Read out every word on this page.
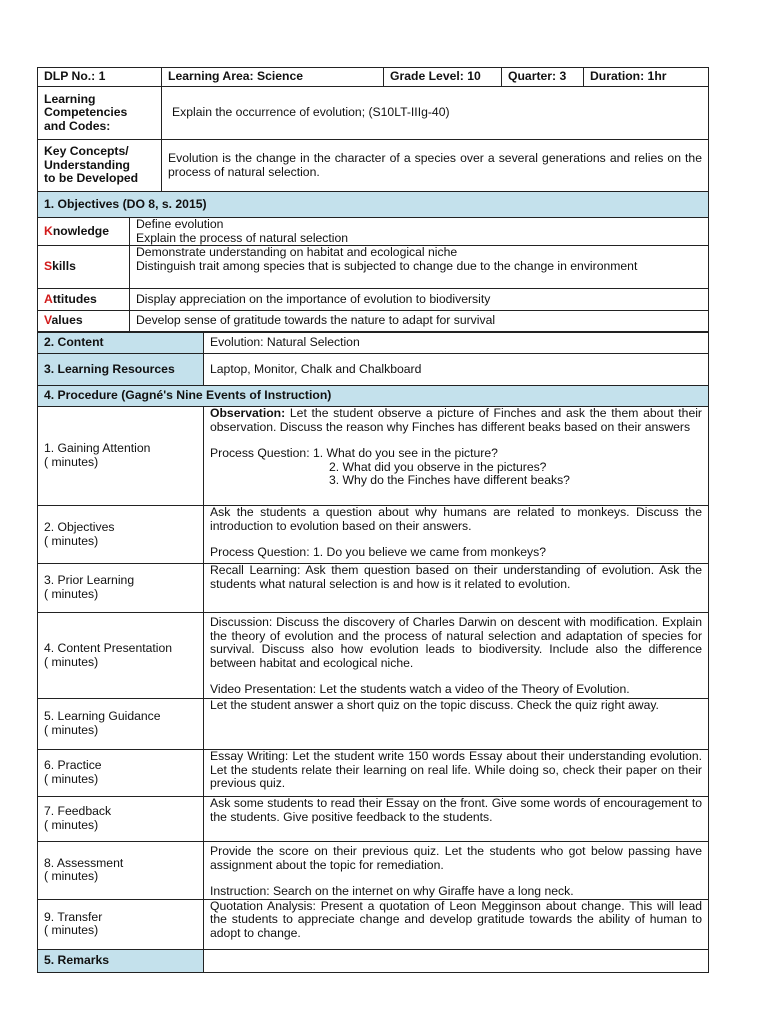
DLP No.: 1	Learning Area: Science	Grade Level: 10	Quarter: 3	Duration: 1hr
Learning
Competencies
and Codes:	Explain the occurrence of evolution; (S10LT-IIIg-40)

Key Concepts/
Understanding
to be Developed	Evolution is the change in the character of a species over a several generations and relies on the process of natural selection.
1. Objectives (DO 8, s. 2015)	
Knowledge	Define evolution
Explain the process of natural selection

Skills	Demonstrate understanding on habitat and ecological niche
Distinguish trait among species that is subjected to change due to the change in environment

Attitudes	Display appreciation on the importance of evolution to biodiversity
Values	Develop sense of gratitude towards the nature to adapt for survival
2. Content	Evolution: Natural Selection
3. Learning Resources	Laptop, Monitor, Chalk and Chalkboard
4. Procedure (Gagné's Nine Events of Instruction)	

1. Gaining Attention
( minutes)	Observation: Let the student observe a picture of Finches and ask the them about their observation. Discuss the reason why Finches has different beaks based on their answers
Process Question: 1. What do you see in the picture?
2. What did you observe in the pictures?
3. Why do the Finches have different beaks?

2. Objectives
( minutes)	Ask the students a question about why humans are related to monkeys. Discuss the introduction to evolution based on their answers.
Process Question: 1. Do you believe we came from monkeys?

3. Prior Learning
( minutes)	Recall Learning: Ask them question based on their understanding of evolution. Ask the students what natural selection is and how is it related to evolution.

4. Content Presentation
( minutes)	Discussion: Discuss the discovery of Charles Darwin on descent with modification. Explain the theory of evolution and the process of natural selection and adaptation of species for survival. Discuss also how evolution leads to biodiversity. Include also the difference between habitat and ecological niche.
Video Presentation: Let the students watch a video of the Theory of Evolution.

5. Learning Guidance
( minutes)	Let the student answer a short quiz on the topic discuss. Check the quiz right away.

6. Practice
( minutes)	Essay Writing: Let the student write 150 words Essay about their understanding evolution. Let the students relate their learning on real life. While doing so, check their paper on their previous quiz.

7. Feedback
( minutes)	Ask some students to read their Essay on the front. Give some words of encouragement to the students. Give positive feedback to the students.

8. Assessment
( minutes)	Provide the score on their previous quiz. Let the students who got below passing have assignment about the topic for remediation.
Instruction: Search on the internet on why Giraffe have a long neck.

9. Transfer
( minutes)	Quotation Analysis: Present a quotation of Leon Megginson about change. This will lead the students to appreciate change and develop gratitude towards the ability of human to adopt to change.
5. Remarks	
